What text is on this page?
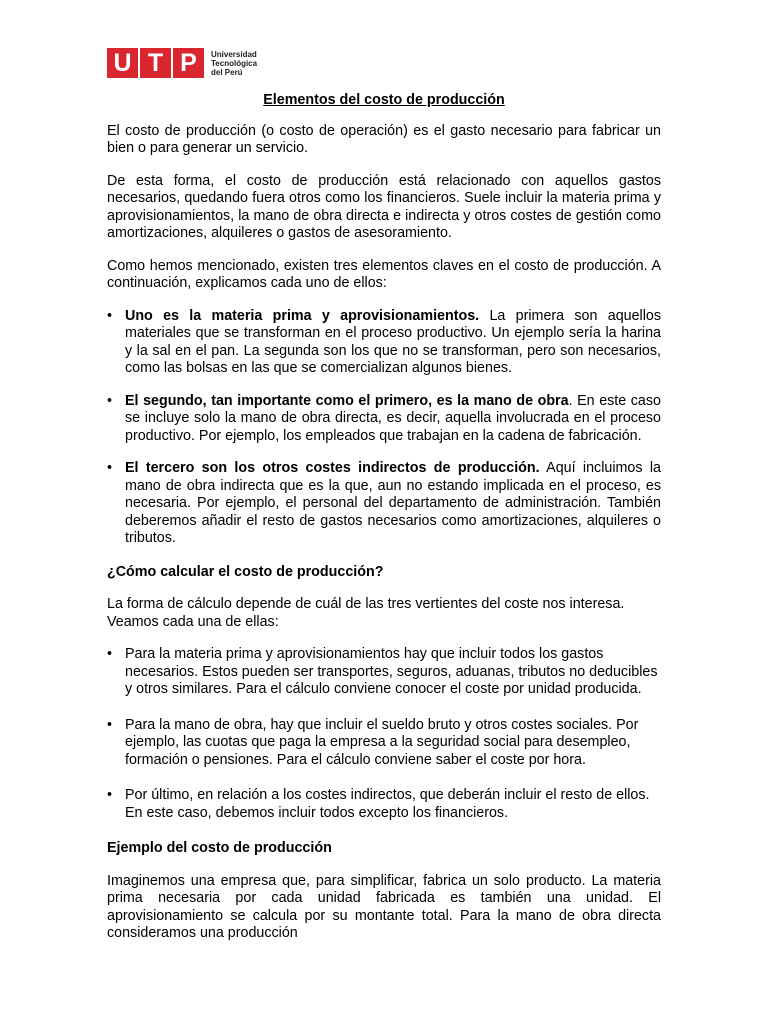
U T P	Universidad
Tecnológica
del Perú
Elementos del costo de producción

El costo de producción (o costo de operación) es el gasto necesario para fabricar un bien o para generar un servicio.

De esta forma, el costo de producción está relacionado con aquellos gastos necesarios, quedando fuera otros como los financieros. Suele incluir la materia prima y aprovisionamientos, la mano de obra directa e indirecta y otros costes de gestión como amortizaciones, alquileres o gastos de asesoramiento.

Como hemos mencionado, existen tres elementos claves en el costo de producción. A continuación, explicamos cada uno de ellos:

• Uno es la materia prima y aprovisionamientos. La primera son aquellos materiales que se transforman en el proceso productivo. Un ejemplo sería la harina y la sal en el pan. La segunda son los que no se transforman, pero son necesarios, como las bolsas en las que se comercializan algunos bienes.
• El segundo, tan importante como el primero, es la mano de obra. En este caso se incluye solo la mano de obra directa, es decir, aquella involucrada en el proceso productivo. Por ejemplo, los empleados que trabajan en la cadena de fabricación.
• El tercero son los otros costes indirectos de producción. Aquí incluimos la mano de obra indirecta que es la que, aun no estando implicada en el proceso, es necesaria. Por ejemplo, el personal del departamento de administración. También deberemos añadir el resto de gastos necesarios como amortizaciones, alquileres o tributos.
¿Cómo calcular el costo de producción?

La forma de cálculo depende de cuál de las tres vertientes del coste nos interesa. Veamos cada una de ellas:

• Para la materia prima y aprovisionamientos hay que incluir todos los gastos necesarios. Estos pueden ser transportes, seguros, aduanas, tributos no deducibles y otros similares. Para el cálculo conviene conocer el coste por unidad producida.
• Para la mano de obra, hay que incluir el sueldo bruto y otros costes sociales. Por ejemplo, las cuotas que paga la empresa a la seguridad social para desempleo, formación o pensiones. Para el cálculo conviene saber el coste por hora.
• Por último, en relación a los costes indirectos, que deberán incluir el resto de ellos. En este caso, debemos incluir todos excepto los financieros.
Ejemplo del costo de producción

Imaginemos una empresa que, para simplificar, fabrica un solo producto. La materia prima necesaria por cada unidad fabricada es también una unidad. El aprovisionamiento se calcula por su montante total. Para la mano de obra directa consideramos una producción
